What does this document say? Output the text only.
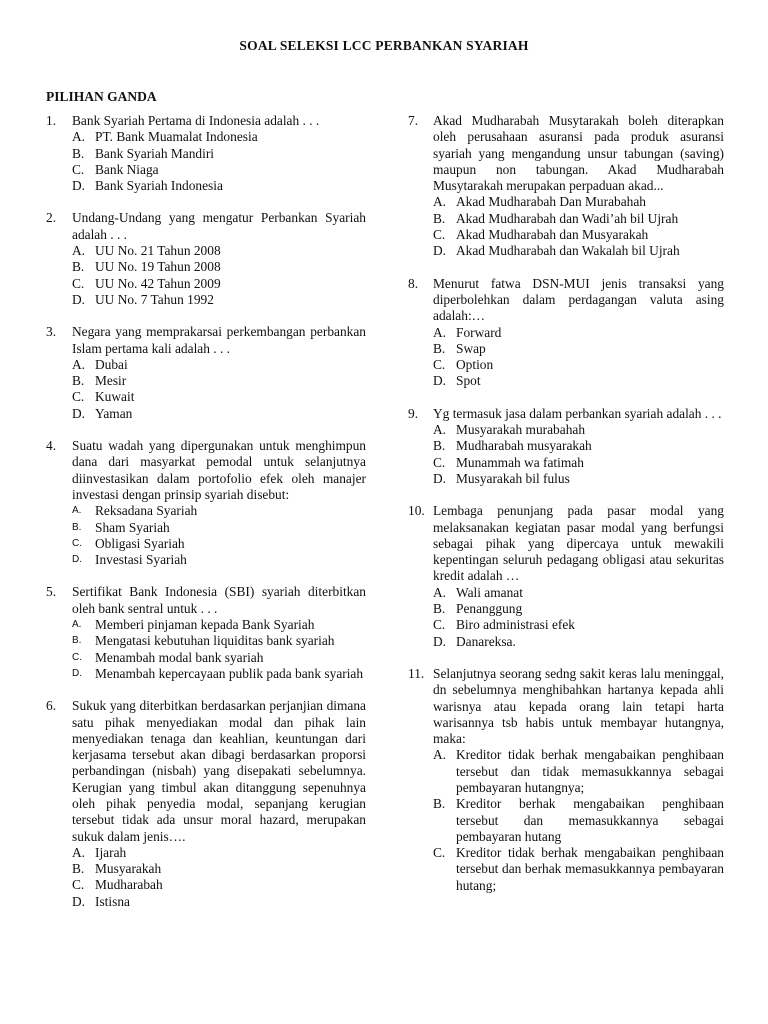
SOAL SELEKSI LCC PERBANKAN SYARIAH
PILIHAN GANDA
1.	Bank Syariah Pertama di Indonesia adalah . . .
A. PT. Bank Muamalat Indonesia
B. Bank Syariah Mandiri
C. Bank Niaga
D. Bank Syariah Indonesia
2.	Undang-Undang yang mengatur Perbankan Syariah adalah . . .
A. UU No. 21 Tahun 2008
B. UU No. 19 Tahun 2008
C. UU No. 42 Tahun 2009
D. UU No. 7 Tahun 1992
3.	Negara yang memprakarsai perkembangan perbankan Islam pertama kali adalah . . .
A. Dubai
B. Mesir
C. Kuwait
D. Yaman
4.	Suatu wadah yang dipergunakan untuk menghimpun dana dari masyarkat pemodal untuk selanjutnya diinvestasikan dalam portofolio efek oleh manajer investasi dengan prinsip syariah disebut:
A.	Reksadana Syariah
B.	Sham Syariah
C. Obligasi Syariah
D. Investasi Syariah
5.	Sertifikat Bank Indonesia (SBI) syariah diterbitkan oleh bank sentral untuk . . .
A.	Memberi pinjaman kepada Bank Syariah
B.	Mengatasi kebutuhan liquiditas bank syariah
C. Menambah modal bank syariah
D. Menambah kepercayaan publik pada bank syariah
6.	Sukuk yang diterbitkan berdasarkan perjanjian dimana satu pihak menyediakan modal dan pihak lain menyediakan tenaga dan keahlian, keuntungan dari kerjasama tersebut akan dibagi berdasarkan proporsi perbandingan (nisbah) yang disepakati sebelumnya. Kerugian yang timbul akan ditanggung sepenuhnya oleh pihak penyedia modal, sepanjang kerugian tersebut tidak ada unsur moral hazard, merupakan sukuk dalam jenis….
A. Ijarah
B. Musyarakah
C. Mudharabah
D. Istisna
7.	Akad Mudharabah Musytarakah boleh diterapkan oleh perusahaan asuransi pada produk asuransi syariah yang mengandung unsur tabungan (saving) maupun non tabungan. Akad Mudharabah Musytarakah merupakan perpaduan akad...
A. Akad Mudharabah Dan Murabahah
B. Akad Mudharabah dan Wadi’ah bil Ujrah
C. Akad Mudharabah dan Musyarakah
D. Akad Mudharabah dan Wakalah bil Ujrah
8.	Menurut fatwa DSN-MUI jenis transaksi yang diperbolehkan dalam perdagangan valuta asing adalah:…
A. Forward
B. Swap
C. Option
D. Spot
9.	Yg termasuk jasa dalam perbankan syariah adalah . . .
A. Musyarakah murabahah
B. Mudharabah musyarakah
C. Munammah wa fatimah
D. Musyarakah bil fulus
10. Lembaga penunjang pada pasar modal yang melaksanakan kegiatan pasar modal yang berfungsi sebagai pihak yang dipercaya untuk mewakili kepentingan seluruh pedagang obligasi atau sekuritas kredit adalah …
A. Wali amanat
B. Penanggung
C. Biro administrasi efek
D. Danareksa.
11. Selanjutnya seorang sedng sakit keras lalu meninggal, dn sebelumnya menghibahkan hartanya kepada ahli warisnya atau kepada orang lain tetapi harta warisannya tsb habis untuk membayar hutangnya, maka:
A. Kreditor tidak berhak mengabaikan penghibaan tersebut dan tidak memasukkannya sebagai pembayaran hutangnya;
B. Kreditor berhak mengabaikan penghibaan tersebut dan memasukkannya sebagai pembayaran hutang
C. Kreditor tidak berhak mengabaikan penghibaan tersebut dan berhak memasukkannya pembayaran hutang;
